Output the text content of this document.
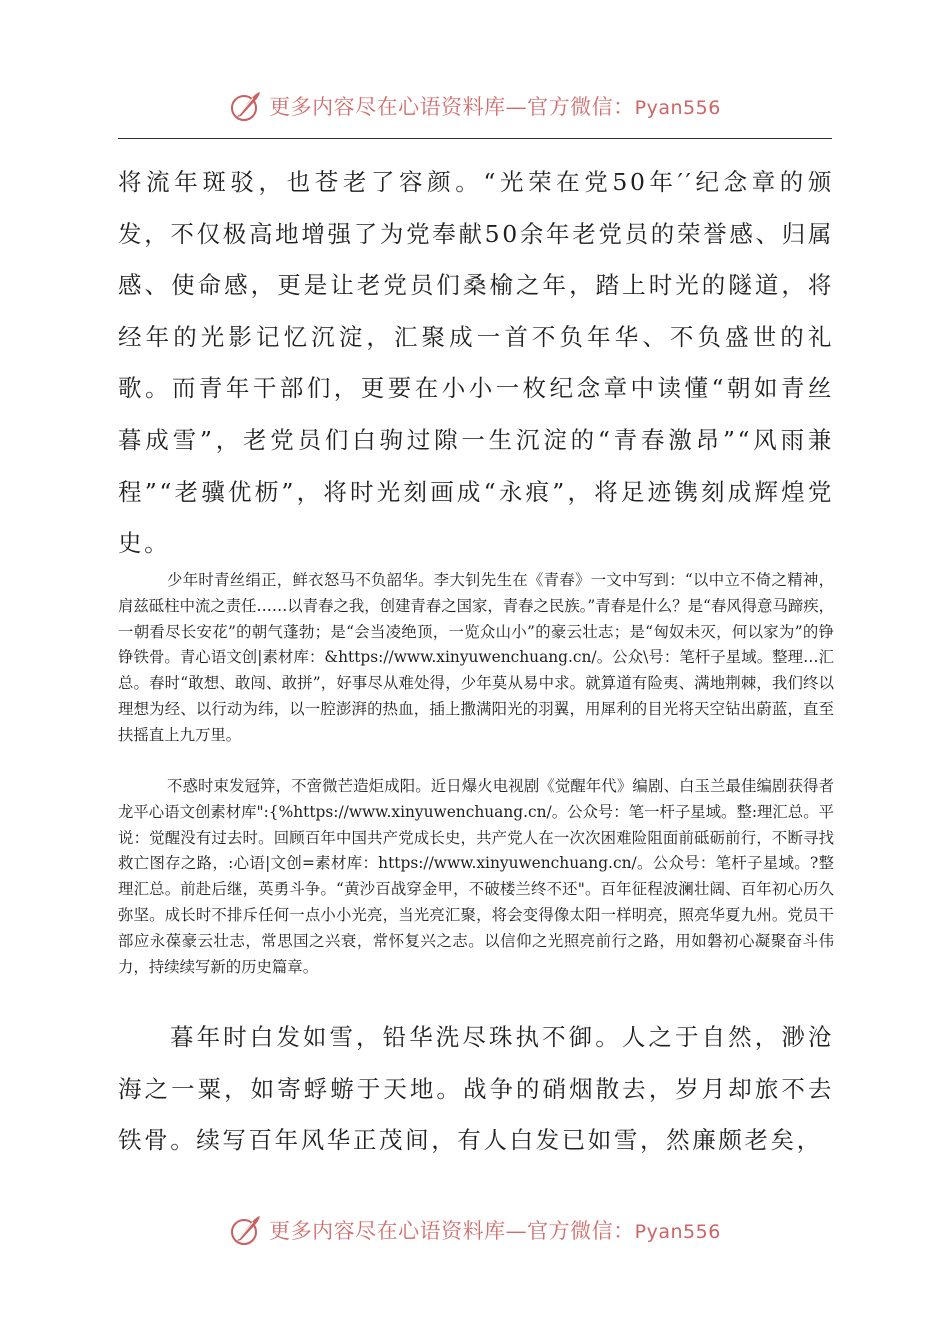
更多内容尽在心语资料库—官方微信：Pyan556

将流年斑驳，也苍老了容颜。“光荣在党50年′′纪念章的颁发，不仅极高地增强了为党奉献50余年老党员的荣誉感、归属感、使命感，更是让老党员们桑榆之年，踏上时光的隧道，将经年的光影记忆沉淀，汇聚成一首不负年华、不负盛世的礼歌。而青年干部们，更要在小小一枚纪念章中读懂“朝如青丝暮成雪”，老党员们白驹过隙一生沉淀的“青春激昂”“风雨兼程”“老骥优枥”，将时光刻画成“永痕”，将足迹镌刻成辉煌党史。

少年时青丝绢正，鲜衣怒马不负韶华。李大钊先生在《青春》一文中写到：“以中立不倚之精神，肩兹砥柱中流之责任……以青春之我，创建青春之国家，青春之民族。”青春是什么？是“春风得意马蹄疾，一朝看尽长安花”的朝气蓬勃；是“会当凌绝顶，一览众山小”的豪云壮志；是“匈奴未灭，何以家为”的铮铮铁骨。青心语文创|素材库：&https://www.xinyuwenchuang.cn/。公众\号：笔杆子星域。整理…汇总。春时“敢想、敢闯、敢拼”，好事尽从难处得，少年莫从易中求。就算道有险夷、满地荆棘，我们终以理想为经、以行动为纬，以一腔澎湃的热血，插上撒满阳光的羽翼，用犀利的目光将天空钻出蔚蓝，直至扶摇直上九万里。

不惑时束发冠笄，不啻微芒造炬成阳。近日爆火电视剧《觉醒年代》编剧、白玉兰最佳编剧获得者龙平心语文创素材库":{%https://www.xinyuwenchuang.cn/。公众号：笔一杆子星域。整:理汇总。平说：觉醒没有过去时。回顾百年中国共产党成长史，共产党人在一次次困难险阻面前砥砺前行，不断寻找救亡图存之路，:心语|文创=素材库：https://www.xinyuwenchuang.cn/。公众号：笔杆子星域。?整理汇总。前赴后继，英勇斗争。“黄沙百战穿金甲，不破楼兰终不还"。百年征程波澜壮阔、百年初心历久弥坚。成长时不排斥任何一点小小光亮，当光亮汇聚，将会变得像太阳一样明亮，照亮华夏九州。党员干部应永葆豪云壮志，常思国之兴衰，常怀复兴之志。以信仰之光照亮前行之路，用如磐初心凝聚奋斗伟力，持续续写新的历史篇章。

暮年时白发如雪，铅华洗尽珠执不御。人之于自然，渺沧海之一粟，如寄蜉蝣于天地。战争的硝烟散去，岁月却旅不去铁骨。续写百年风华正茂间，有人白发已如雪，然廉颇老矣，

更多内容尽在心语资料库—官方微信：Pyan556
